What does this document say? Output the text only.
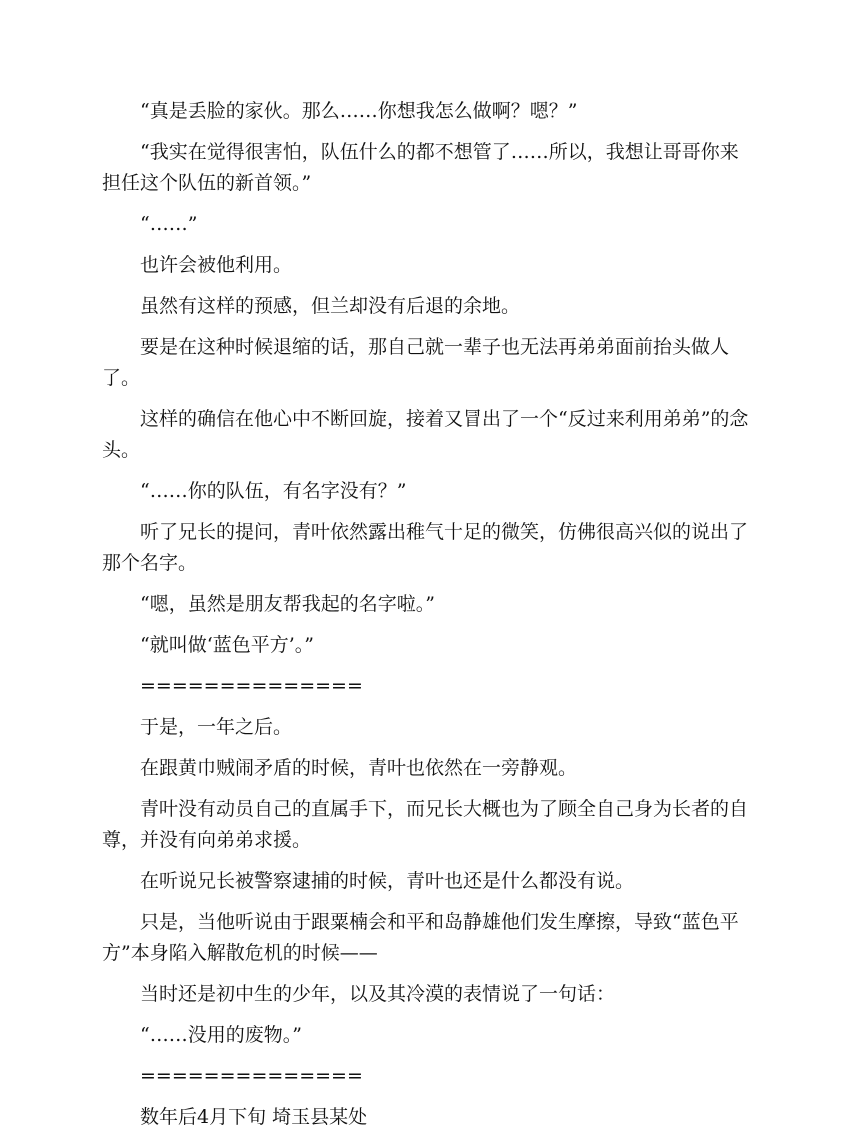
“真是丢脸的家伙。那么……你想我怎么做啊？嗯？”

“我实在觉得很害怕，队伍什么的都不想管了……所以，我想让哥哥你来担任这个队伍的新首领。”

“……”

也许会被他利用。

虽然有这样的预感，但兰却没有后退的余地。

要是在这种时候退缩的话，那自己就一辈子也无法再弟弟面前抬头做人了。

这样的确信在他心中不断回旋，接着又冒出了一个“反过来利用弟弟”的念头。

“……你的队伍，有名字没有？”

听了兄长的提问，青叶依然露出稚气十足的微笑，仿佛很高兴似的说出了那个名字。

“嗯，虽然是朋友帮我起的名字啦。”

“就叫做‘蓝色平方’。”

==============

于是，一年之后。

在跟黄巾贼闹矛盾的时候，青叶也依然在一旁静观。

青叶没有动员自己的直属手下，而兄长大概也为了顾全自己身为长者的自尊，并没有向弟弟求援。

在听说兄长被警察逮捕的时候，青叶也还是什么都没有说。

只是，当他听说由于跟粟楠会和平和岛静雄他们发生摩擦，导致“蓝色平方”本身陷入解散危机的时候——

当时还是初中生的少年，以及其冷漠的表情说了一句话：

“……没用的废物。”

==============

数年后4月下旬 埼玉县某处
